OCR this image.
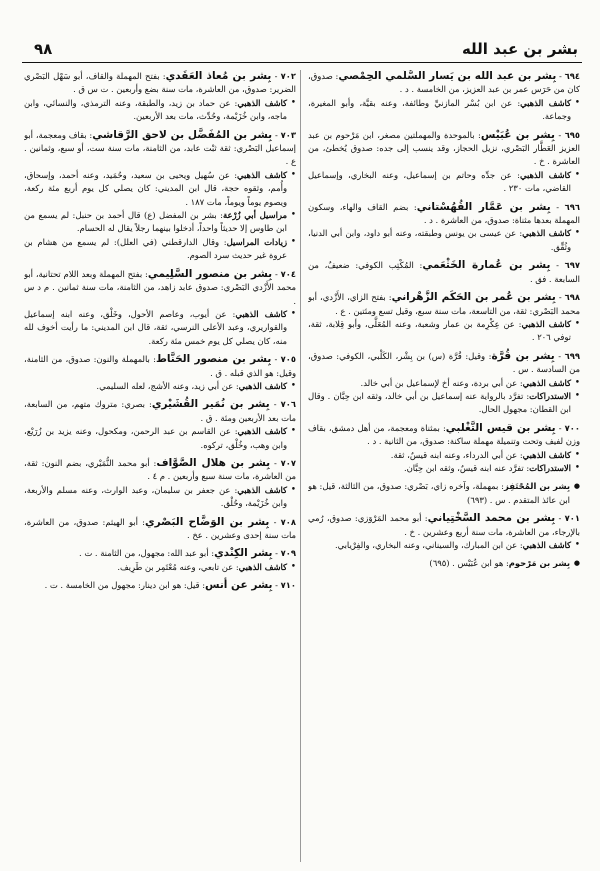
بشر بن عبد الله
٩٨
٦٩٤ - بِشر بن عبد الله بن يَسار السُّلَمي الحِمْصي: صدوق، كان من حَرَس عمر بن عبد العزيز، من الخامسة . د .
• كاشف الذهبي: عن ابن بُسْر المازنيِّ وطائفة، وعنه بقيَّة، وأبو المغيرة، وجماعة.
٦٩٥ - بِشر بن عُبَيْس: بالموحدة والمهملتين مصغر، ابن مَرْحوم بن عبد العزيز العَطَّار البَصْري، نزيل الحجاز، وقد ينسب إلى جده: صدوق يُخطئ، من العاشرة . خ .
• كاشف الذهبي: عن جدِّه وحاتم بن إسماعيل، وعنه البخاري، وإسماعيل القاضي، مات ٢٣٠ .
٦٩٦ - بِشر بن عَمَّار القُهُسْتاني: بضم القاف والهاء، وسكون المهملة بعدها مثناة: صدوق، من العاشرة . د .
• كاشف الذهبي: عن عيسى بن يونس وطبقته، وعنه أبو داود، وابن أبي الدنيا، وثُقِّق.
٦٩٧ - بِشر بن عُمارة الخَثْعَمي: المُكْتِب الكوفي: ضعيفٌ، من السابعة . فق .
٦٩٨ - بِشر بن عُمر بن الحَكَم الزَّهْراني: بفتح الزاي، الأَزْدي، أبو محمد البَصْري: ثقة، من التاسعة، مات سنة سبع، وقيل تسع ومئتين . ع .
• كاشف الذهبي: عن عِكْرِمة بن عمار وشعبة، وعنه المُعَلَّى، وأبو قِلابة، ثقة، توفي ٢٠٦ .
٦٩٩ - بِشر بن قُرَّة: وقيل: قُرَّة (س) بن بِشْر، الكَلْبي، الكوفي: صدوق، من السادسة . س .
• كاشف الذهبي: عن أبي بردة، وعنه أخ لإسماعيل بن أبي خالد.
• الاستدراكات: تفرَّد بالرواية عنه إسماعيل بن أبي خالد، وثقه ابن حِبَّان . وقال ابن القطان: مجهول الحال.
٧٠٠ - بِشر بن قيس التَّغْلبي: بمثناة ومعجمة، من أهل دمشق، بقاف وزن لفيف وتحت وتنميلة مهملة ساكنة: صدوق، من الثانية . د .
• كاشف الذهبي: عن أبي الدرداء، وعنه ابنه قيسٌ، ثقة.
• الاستدراكات: تفرَّد عنه ابنه قيسٌ، وثقه ابن حِبَّان.
● بِشر بن المُحْتَفِز: بمهملة، وآخره زاي، بَصْري: صدوق، من الثالثة، قيل: هو ابن عائذ المتقدم . س . (٦٩٣)
٧٠١ - بِشر بن محمد السَّخْتِياني: أبو محمد المَرْوَزي: صدوق، رُمي بالإرجاء، من العاشرة، مات سنة أربع وعشرين . خ .
• كاشف الذهبي: عن ابن المبارك، والسيناني، وعنه البخاري، والفِرْيابي.
● بِشر بن مَرْحوم: هو ابن عُبَيْس . (٦٩٥)
٧٠٢ - بِشر بن مُعاذ العَقَدي: بفتح المهملة والقاف، أبو سَهْل البَصْري الضرير: صدوق، من العاشرة، مات سنة بضع وأربعين . ت س ق .
• كاشف الذهبي: عن حماد بن زيد، والطبقة، وعنه الترمذي، والنسائي، وابن ماجه، وابن خُزَيْمة، وحُدِّث، مات بعد الأربعين.
٧٠٣ - بِشر بن المُفَضَّل بن لاحق الرَّقاشي: بقاف ومعجمة، أبو إسماعيل البَصْري: ثقة ثبْت عابد، من الثامنة، مات سنة ست، أو سبع، وثمانين . ع .
• كاشف الذهبي: عن سُهيل ويحيى بن سعيد، وحُمَيد، وعنه أحمد، وإسحاق، وأُمم، وثقوه حجة، قال ابن المديني: كان يصلي كل يوم أربع مئة ركعة، ويصوم يوماً ويوماً، مات ١٨٧ .
• مراسيل أبي زُرْعة: بشر بن المفضل (ع) قال أحمد بن حنبل: لم يسمع من ابن طاوس إلا حديثاً واحداً، أدخلوا بينهما رجلاً يقال له الحسام.
• زيادات المراسيل: وقال الدارقطني (في العلل): لم يسمع من هشام بن عروة غير حديث سرد الصوم.
٧٠٤ - بِشر بن منصور السَّلِيمي: بفتح المهملة وبعد اللام تحتانية، أبو محمد الأَزْدي البَصْري: صدوق عابد زاهد، من الثامنة، مات سنة ثمانين . م د س .
• كاشف الذهبي: عن أيوب، وعاصم الأحول، وخَلْق، وعنه ابنه إسماعيل والقواريري، وعبد الأعلى النرسي، ثقة، قال ابن المديني: ما رأيت أخوف لله منه، كان يصلي كل يوم خمس مئة ركعة.
٧٠٥ - بِشر بن منصور الحَنَّاط: بالمهملة والنون: صدوق، من الثامنة، وقيل: هو الذي قبله . ق .
• كاشف الذهبي: عن أبي زيد، وعنه الأشج، لعله السليمي.
٧٠٦ - بِشر بن نُمَير القُشَيْري: بصري: متروك متهم، من السابعة، مات بعد الأربعين ومئة . ق .
• كاشف الذهبي: عن القاسم بن عبد الرحمن، ومكحول، وعنه يزيد بن زُرَيْع، وابن وهب، وخُلْق، تركوه.
٧٠٧ - بِشر بن هلال الصَّوَّاف: أبو محمد النُّمَيْري، بضم النون: ثقة، من العاشرة، مات سنة سبع وأربعين . م ٤ .
• كاشف الذهبي: عن جعفر بن سليمان، وعبد الوارث، وعنه مسلم والأربعة، وابن خُزَيْمة، وحُلْق.
٧٠٨ - بِشر بن الوَضَّاح البَصْري: أبو الهيثم: صدوق، من العاشرة، مات سنة إحدى وعشرين . عخ .
٧٠٩ - بِشر الكِنْدي: أبو عبد الله: مجهول، من الثامنة . ت .
• كاشف الذهبي: عن تابعي، وعنه مُعْتَمِر بن طَرِيف.
٧١٠ - بِشر عن أنس: قيل: هو ابن دينار: مجهول من الخامسة . ت .
